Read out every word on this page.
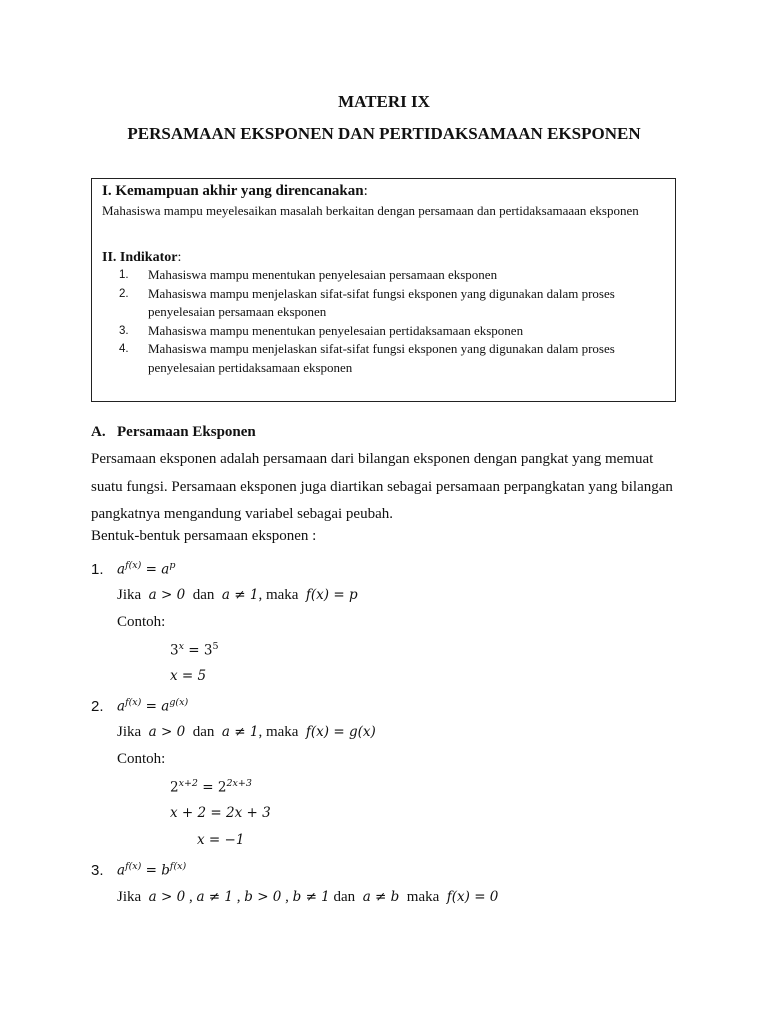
MATERI IX
PERSAMAAN EKSPONEN DAN PERTIDAKSAMAAN EKSPONEN
I. Kemampuan akhir yang direncanakan:
Mahasiswa mampu meyelesaikan masalah berkaitan dengan persamaan dan pertidaksamaaan eksponen
II. Indikator:
1. Mahasiswa mampu menentukan penyelesaian persamaan eksponen
2. Mahasiswa mampu menjelaskan sifat-sifat fungsi eksponen yang digunakan dalam proses penyelesaian persamaan eksponen
3. Mahasiswa mampu menentukan penyelesaian pertidaksamaan eksponen
4. Mahasiswa mampu menjelaskan sifat-sifat fungsi eksponen yang digunakan dalam proses penyelesaian pertidaksamaan eksponen
A. Persamaan Eksponen
Persamaan eksponen adalah persamaan dari bilangan eksponen dengan pangkat yang memuat suatu fungsi. Persamaan eksponen juga diartikan sebagai persamaan perpangkatan yang bilangan pangkatnya mengandung variabel sebagai peubah.
Bentuk-bentuk persamaan eksponen :
1. $a^{f(x)} = a^p$
Jika a > 0 dan a ≠ 1, maka f(x) = p
Contoh:
$3^x = 3^5$
x = 5
2. $a^{f(x)} = a^{g(x)}$
Jika a > 0 dan a ≠ 1, maka f(x) = g(x)
Contoh:
$2^{x+2} = 2^{2x+3}$
x + 2 = 2x + 3
x = −1
3. $a^{f(x)} = b^{f(x)}$
Jika a > 0 , a ≠ 1 , b > 0 , b ≠ 1 dan a ≠ b maka f(x) = 0
